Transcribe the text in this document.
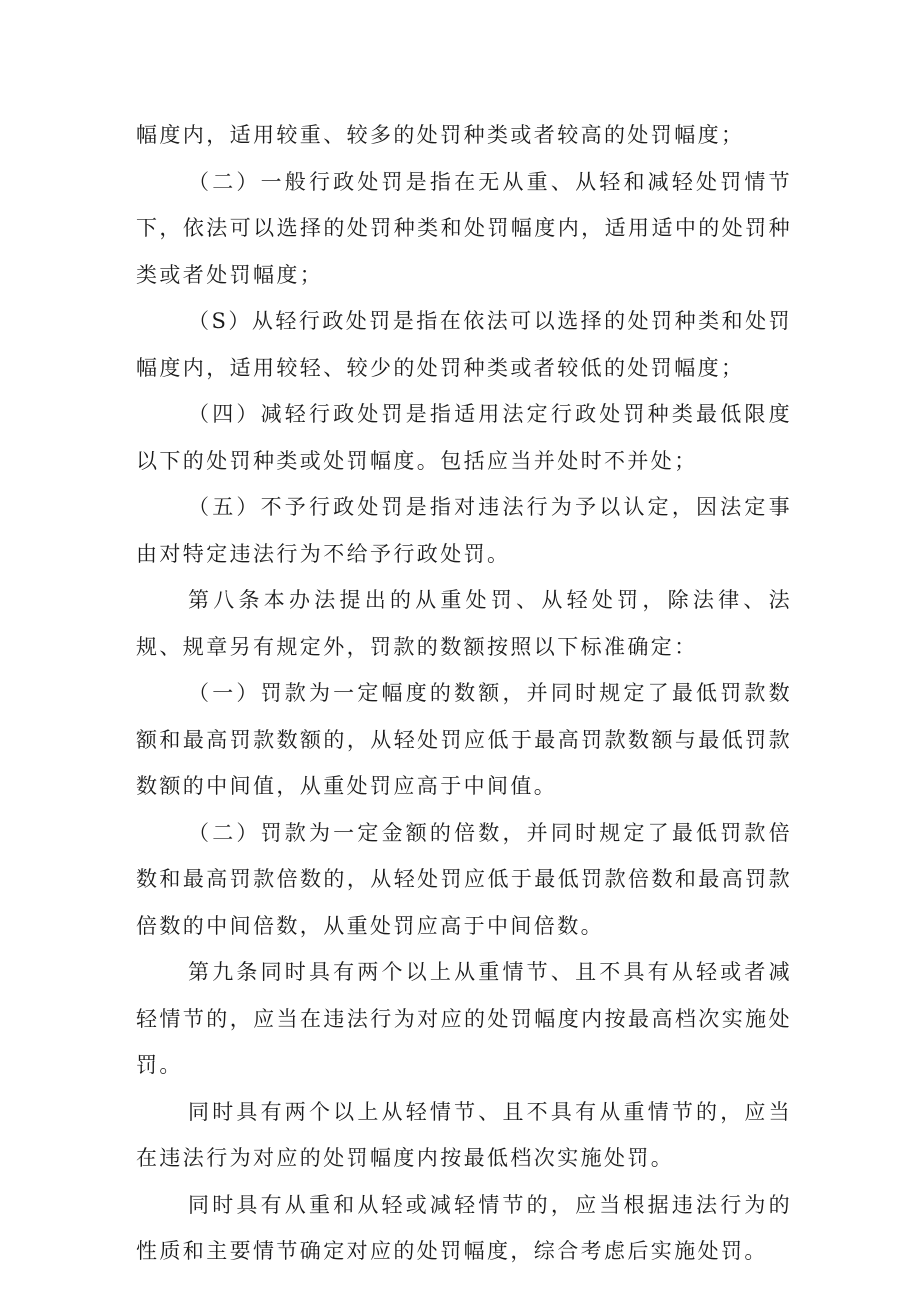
幅度内，适用较重、较多的处罚种类或者较高的处罚幅度；

（二）一般行政处罚是指在无从重、从轻和减轻处罚情节下，依法可以选择的处罚种类和处罚幅度内，适用适中的处罚种类或者处罚幅度；

（S）从轻行政处罚是指在依法可以选择的处罚种类和处罚幅度内，适用较轻、较少的处罚种类或者较低的处罚幅度；

（四）减轻行政处罚是指适用法定行政处罚种类最低限度以下的处罚种类或处罚幅度。包括应当并处时不并处；

（五）不予行政处罚是指对违法行为予以认定，因法定事由对特定违法行为不给予行政处罚。

第八条本办法提出的从重处罚、从轻处罚，除法律、法规、规章另有规定外，罚款的数额按照以下标准确定：

（一）罚款为一定幅度的数额，并同时规定了最低罚款数额和最高罚款数额的，从轻处罚应低于最高罚款数额与最低罚款数额的中间值，从重处罚应高于中间值。

（二）罚款为一定金额的倍数，并同时规定了最低罚款倍数和最高罚款倍数的，从轻处罚应低于最低罚款倍数和最高罚款倍数的中间倍数，从重处罚应高于中间倍数。

第九条同时具有两个以上从重情节、且不具有从轻或者减轻情节的，应当在违法行为对应的处罚幅度内按最高档次实施处罚。

同时具有两个以上从轻情节、且不具有从重情节的，应当在违法行为对应的处罚幅度内按最低档次实施处罚。

同时具有从重和从轻或减轻情节的，应当根据违法行为的性质和主要情节确定对应的处罚幅度，综合考虑后实施处罚。
